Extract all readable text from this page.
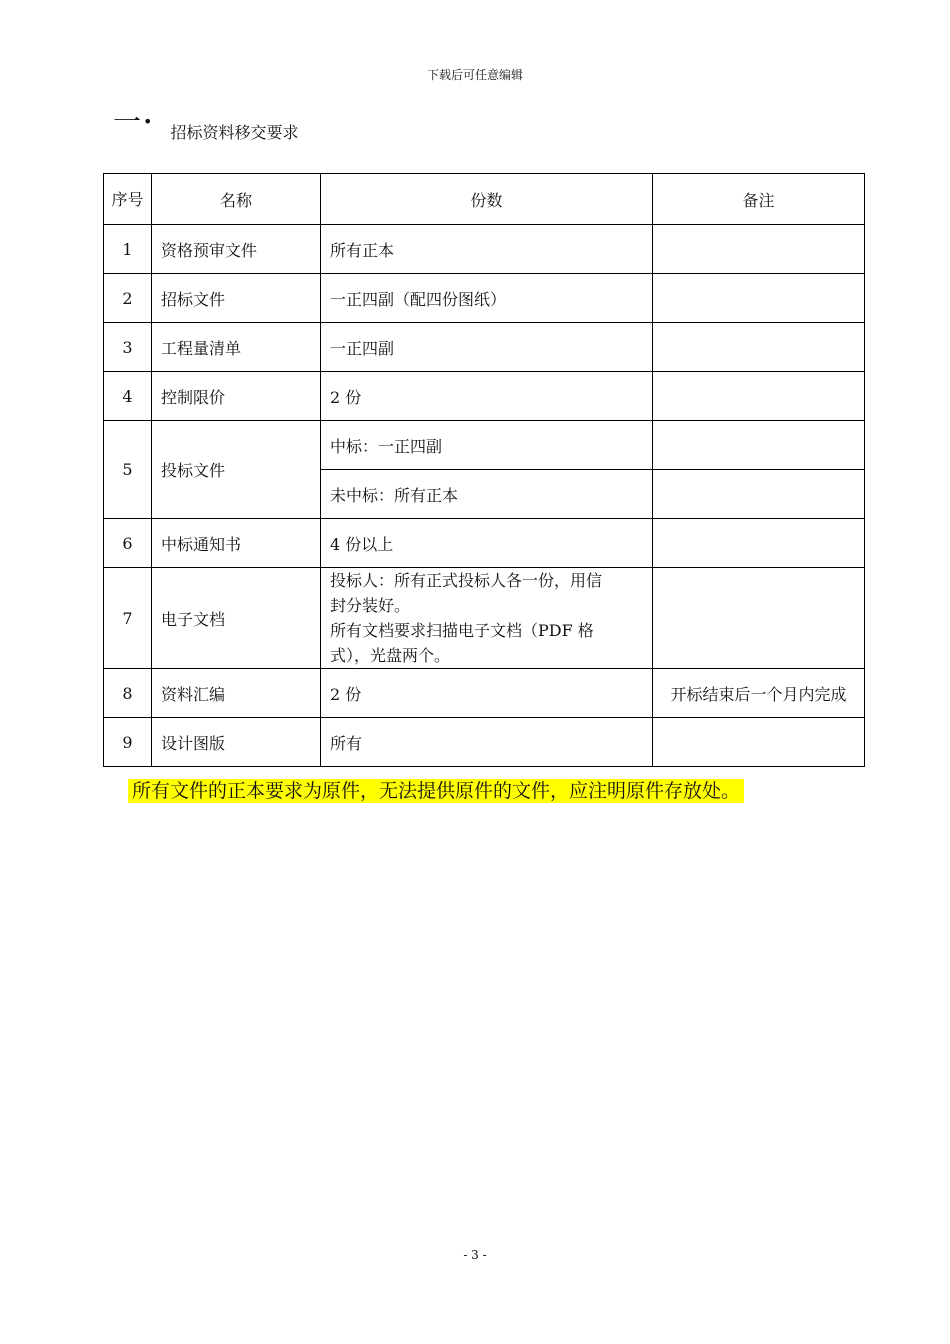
下载后可任意编辑
一 •
招标资料移交要求
序号	名称	份数	备注
1	资格预审文件	所有正本	
2	招标文件	一正四副（配四份图纸）	
3	工程量清单	一正四副	
4	控制限价	2 份	
5	投标文件	中标：一正四副	
		未中标：所有正本	
6	中标通知书	4 份以上	
7	电子文档	投标人：所有正式投标人各一份，用信
封分装好。
所有文档要求扫描电子文档（PDF 格
式），光盘两个。	

8	资料汇编	2 份	开标结束后一个月内完成
9	设计图版	所有	
所有文件的正本要求为原件，无法提供原件的文件，应注明原件存放处。
- 3 -
